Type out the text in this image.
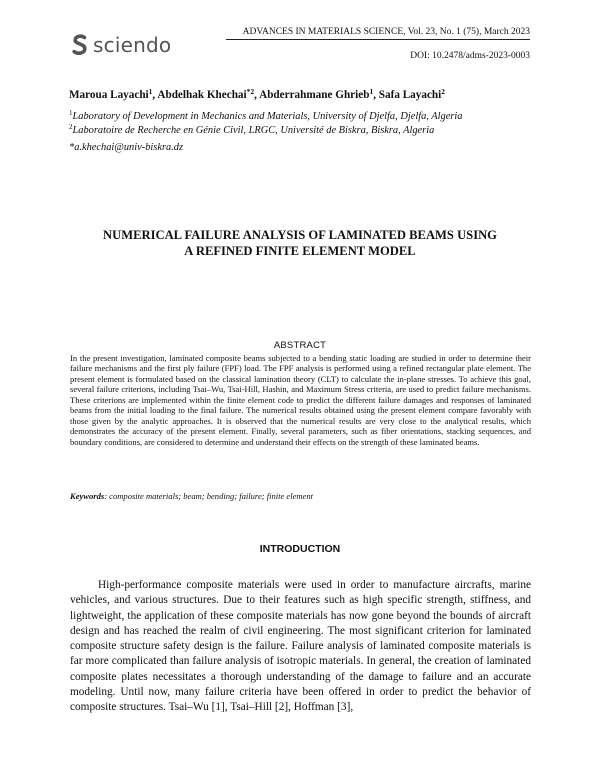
ADVANCES IN MATERIALS SCIENCE, Vol. 23, No. 1 (75), March 2023
DOI: 10.2478/adms-2023-0003
sciendo
Maroua Layachi$^1$, Abdelhak Khechai$^{*2}$, Abderrahmane Ghrieb$^1$, Safa Layachi$^2$
$^1$Laboratory of Development in Mechanics and Materials, University of Djelfa, Djelfa, Algeria
$^2$Laboratoire de Recherche en Génie Civil, LRGC, Université de Biskra, Biskra, Algeria
*a.khechai@univ-biskra.dz
NUMERICAL FAILURE ANALYSIS OF LAMINATED BEAMS USING
A REFINED FINITE ELEMENT MODEL
ABSTRACT
In the present investigation, laminated composite beams subjected to a bending static loading are studied in order to determine their failure mechanisms and the first ply failure (FPF) load. The FPF analysis is performed using a refined rectangular plate element. The present element is formulated based on the classical lamination theory (CLT) to calculate the in-plane stresses. To achieve this goal, several failure criterions, including Tsai–Wu, Tsai-Hill, Hashin, and Maximum Stress criteria, are used to predict failure mechanisms. These criterions are implemented within the finite element code to predict the different failure damages and responses of laminated beams from the initial loading to the final failure. The numerical results obtained using the present element compare favorably with those given by the analytic approaches. It is observed that the numerical results are very close to the analytical results, which demonstrates the accuracy of the present element. Finally, several parameters, such as fiber orientations, stacking sequences, and boundary conditions, are considered to determine and understand their effects on the strength of these laminated beams.
Keywords: composite materials; beam; bending; failure; finite element
INTRODUCTION
High-performance composite materials were used in order to manufacture aircrafts, marine vehicles, and various structures. Due to their features such as high specific strength, stiffness, and lightweight, the application of these composite materials has now gone beyond the bounds of aircraft design and has reached the realm of civil engineering. The most significant criterion for laminated composite structure safety design is the failure. Failure analysis of laminated composite materials is far more complicated than failure analysis of isotropic materials. In general, the creation of laminated composite plates necessitates a thorough understanding of the damage to failure and an accurate modeling. Until now, many failure criteria have been offered in order to predict the behavior of composite structures. Tsai–Wu [1], Tsai–Hill [2], Hoffman [3],
